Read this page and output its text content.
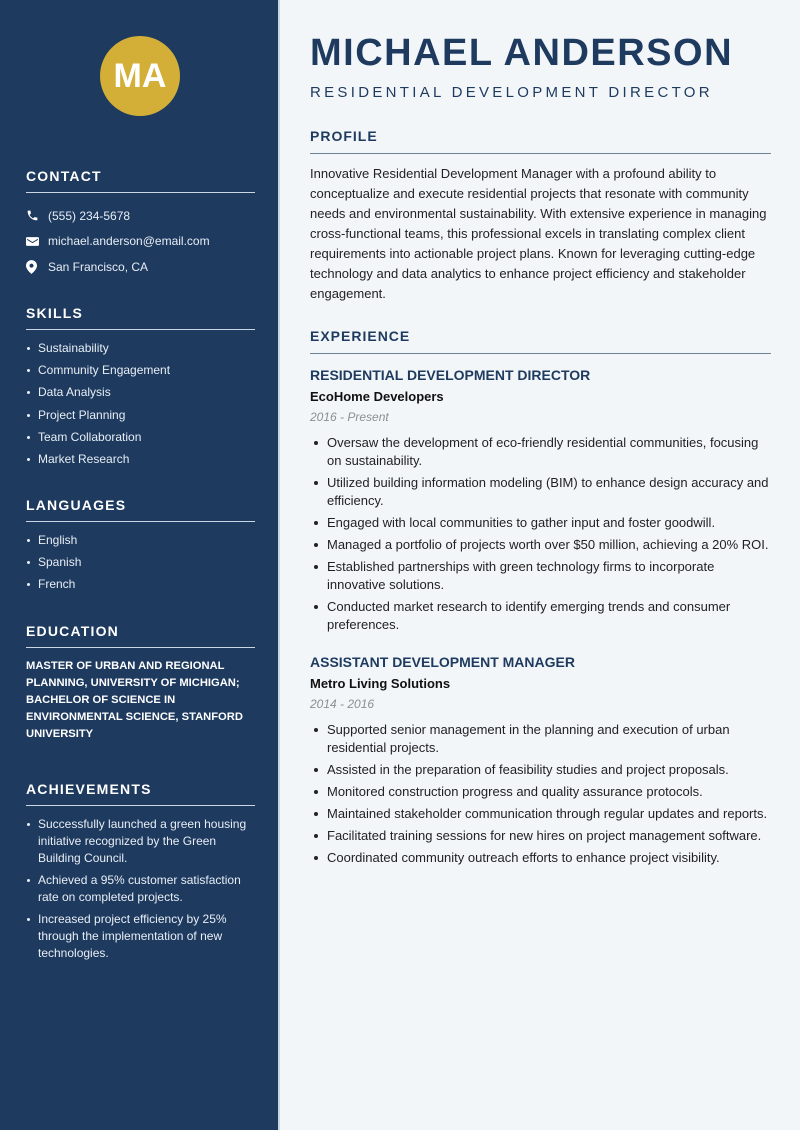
MA
CONTACT
(555) 234-5678
michael.anderson@email.com
San Francisco, CA
SKILLS
Sustainability
Community Engagement
Data Analysis
Project Planning
Team Collaboration
Market Research
LANGUAGES
English
Spanish
French
EDUCATION

MASTER OF URBAN AND REGIONAL PLANNING, UNIVERSITY OF MICHIGAN; BACHELOR OF SCIENCE IN ENVIRONMENTAL SCIENCE, STANFORD UNIVERSITY

ACHIEVEMENTS
Successfully launched a green housing initiative recognized by the Green Building Council.
Achieved a 95% customer satisfaction rate on completed projects.
Increased project efficiency by 25% through the implementation of new technologies.
MICHAEL ANDERSON
RESIDENTIAL DEVELOPMENT DIRECTOR
PROFILE

Innovative Residential Development Manager with a profound ability to conceptualize and execute residential projects that resonate with community needs and environmental sustainability. With extensive experience in managing cross-functional teams, this professional excels in translating complex client requirements into actionable project plans. Known for leveraging cutting-edge technology and data analytics to enhance project efficiency and stakeholder engagement.

EXPERIENCE
RESIDENTIAL DEVELOPMENT DIRECTOR
EcoHome Developers
2016 - Present
Oversaw the development of eco-friendly residential communities, focusing on sustainability.
Utilized building information modeling (BIM) to enhance design accuracy and efficiency.
Engaged with local communities to gather input and foster goodwill.
Managed a portfolio of projects worth over $50 million, achieving a 20% ROI.
Established partnerships with green technology firms to incorporate innovative solutions.
Conducted market research to identify emerging trends and consumer preferences.
ASSISTANT DEVELOPMENT MANAGER
Metro Living Solutions
2014 - 2016
Supported senior management in the planning and execution of urban residential projects.
Assisted in the preparation of feasibility studies and project proposals.
Monitored construction progress and quality assurance protocols.
Maintained stakeholder communication through regular updates and reports.
Facilitated training sessions for new hires on project management software.
Coordinated community outreach efforts to enhance project visibility.
